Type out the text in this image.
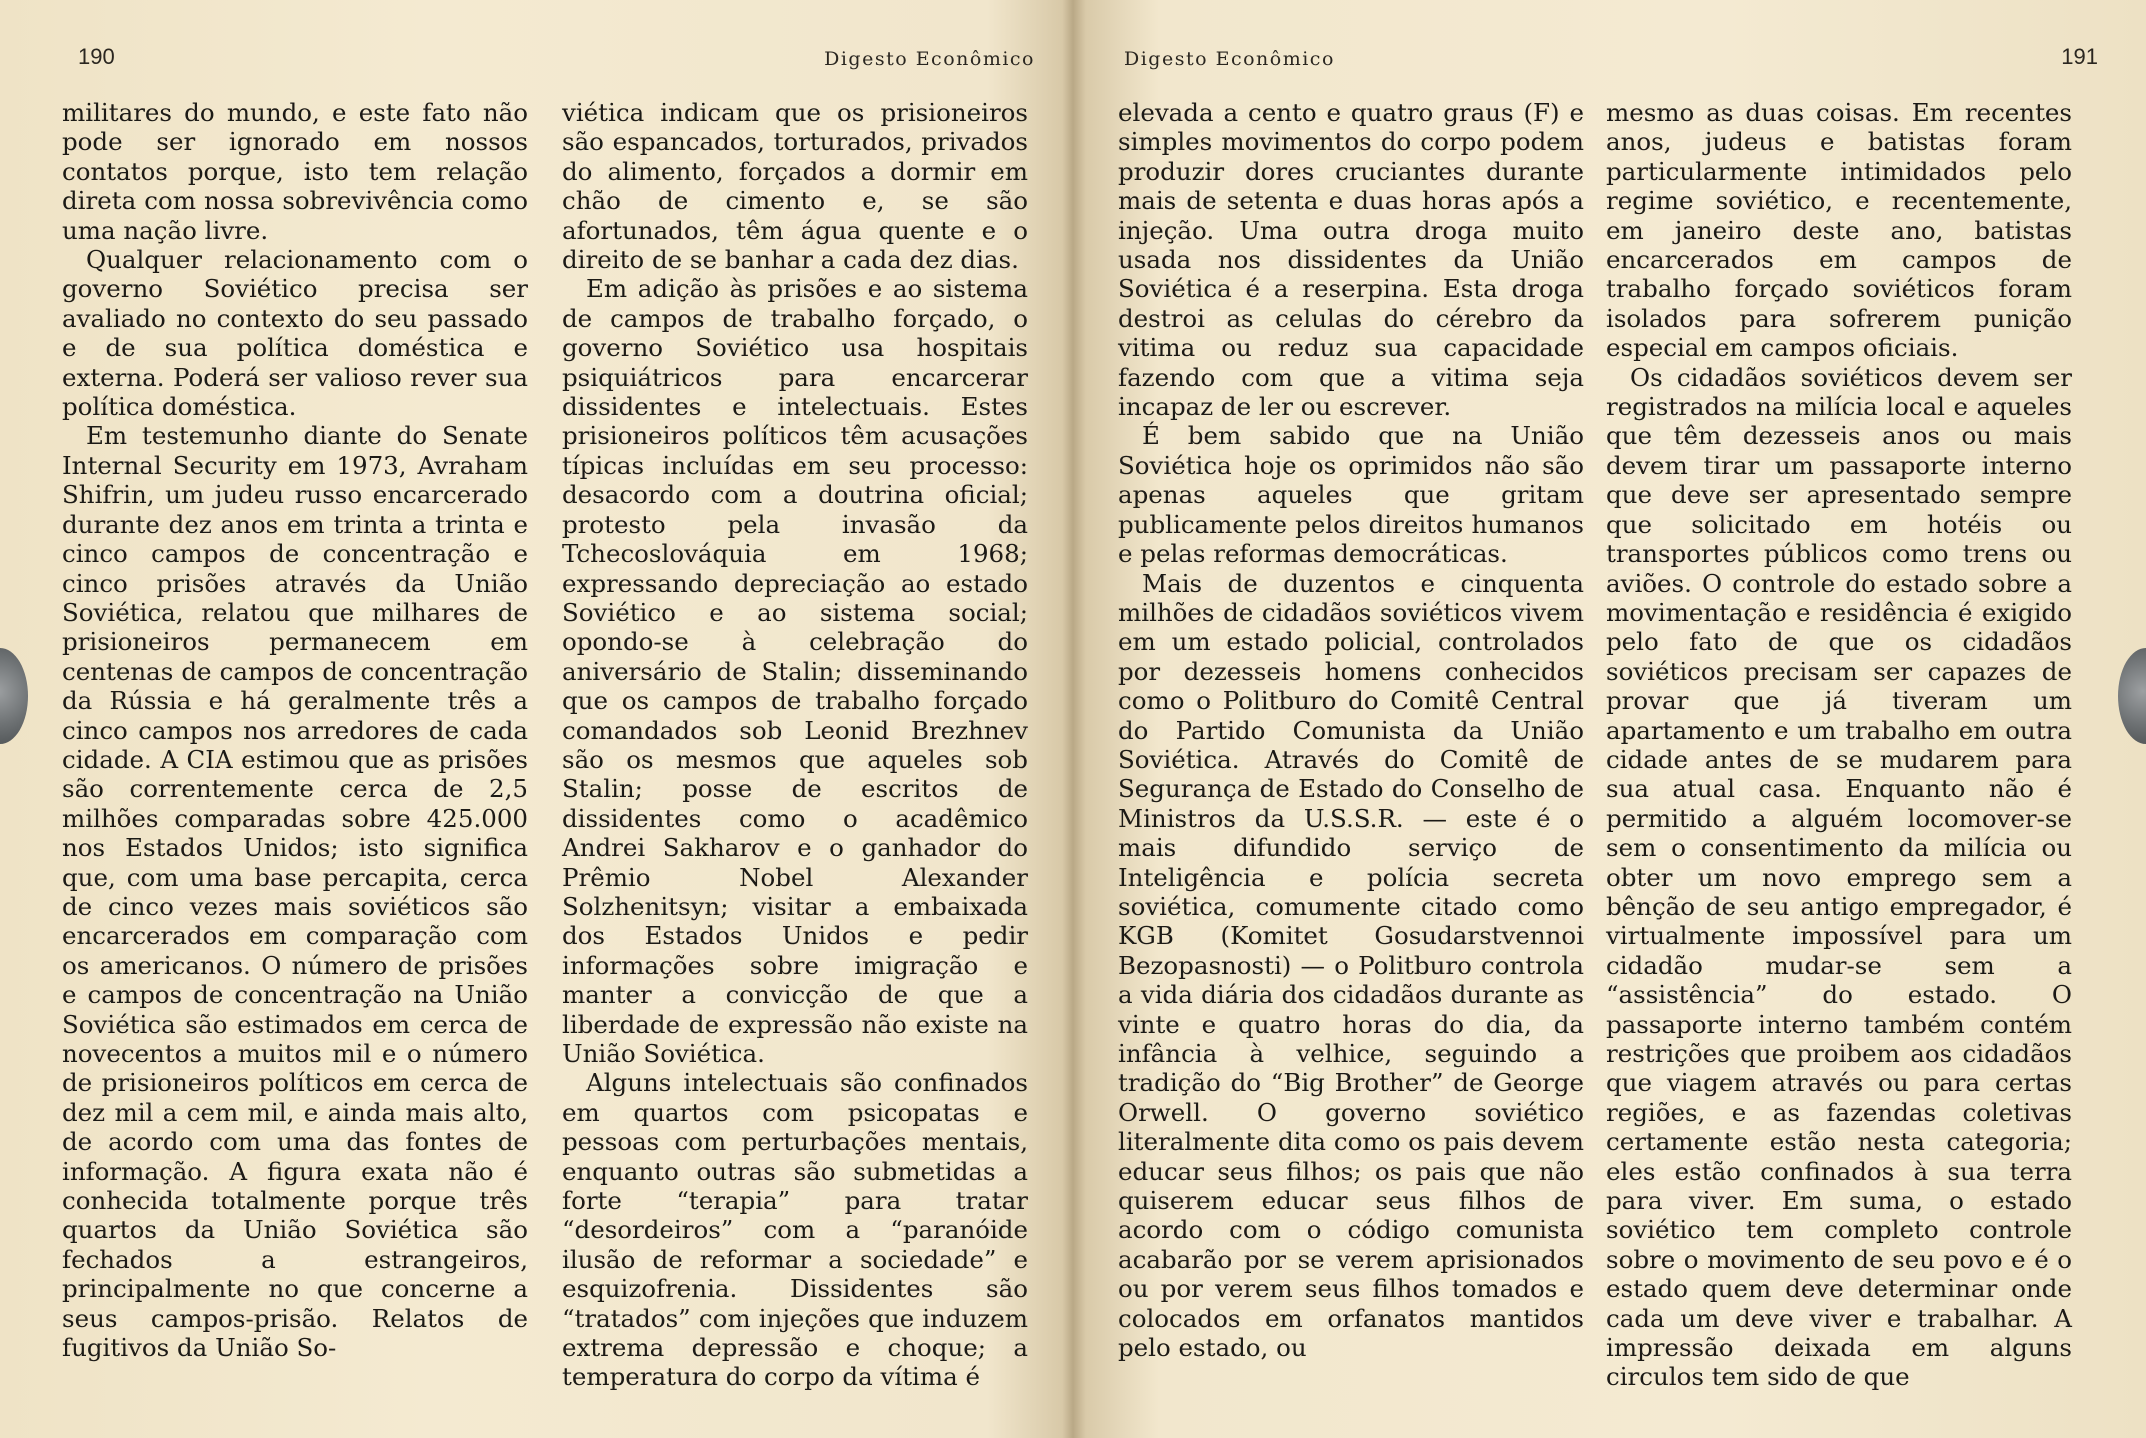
190	Digesto Econômico

militares do mundo, e este fato não pode ser ignorado em nossos contatos porque, isto tem relação direta com nossa sobrevivência como uma nação livre.

Qualquer relacionamento com o governo Soviético precisa ser avaliado no contexto do seu passado e de sua política doméstica e externa. Poderá ser valioso rever sua política doméstica.

Em testemunho diante do Senate Internal Security em 1973, Avraham Shifrin, um judeu russo encarcerado durante dez anos em trinta a trinta e cinco campos de concentração e cinco prisões através da União Soviética, relatou que milhares de prisioneiros permanecem em centenas de campos de concentração da Rússia e há geralmente três a cinco campos nos arredores de cada cidade. A CIA estimou que as prisões são correntemente cerca de 2,5 milhões comparadas sobre 425.000 nos Estados Unidos; isto significa que, com uma base percapita, cerca de cinco vezes mais soviéticos são encarcerados em comparação com os americanos. O número de prisões e campos de concentração na União Soviética são estimados em cerca de novecentos a muitos mil e o número de prisioneiros políticos em cerca de dez mil a cem mil, e ainda mais alto, de acordo com uma das fontes de informação. A figura exata não é conhecida totalmente porque três quartos da União Soviética são fechados a estrangeiros, principalmente no que concerne a seus campos-prisão. Relatos de fugitivos da União So-

viética indicam que os prisioneiros são espancados, torturados, privados do alimento, forçados a dormir em chão de cimento e, se são afortunados, têm água quente e o direito de se banhar a cada dez dias.

Em adição às prisões e ao sistema de campos de trabalho forçado, o governo Soviético usa hospitais psiquiátricos para encarcerar dissidentes e intelectuais. Estes prisioneiros políticos têm acusações típicas incluídas em seu processo: desacordo com a doutrina oficial; protesto pela invasão da Tchecoslováquia em 1968; expressando depreciação ao estado Soviético e ao sistema social; opondo-se à celebração do aniversário de Stalin; disseminando que os campos de trabalho forçado comandados sob Leonid Brezhnev são os mesmos que aqueles sob Stalin; posse de escritos de dissidentes como o acadêmico Andrei Sakharov e o ganhador do Prêmio Nobel Alexander Solzhenitsyn; visitar a embaixada dos Estados Unidos e pedir informações sobre imigração e manter a convicção de que a liberdade de expressão não existe na União Soviética.

Alguns intelectuais são confinados em quartos com psicopatas e pessoas com perturbações mentais, enquanto outras são submetidas a forte “terapia” para tratar “desordeiros” com a “paranóide ilusão de reformar a sociedade” e esquizofrenia. Dissidentes são “tratados” com injeções que induzem extrema depressão e choque; a temperatura do corpo da vítima é

191
Digesto Econômico

elevada a cento e quatro graus (F) e simples movimentos do corpo podem produzir dores cruciantes durante mais de setenta e duas horas após a injeção. Uma outra droga muito usada nos dissidentes da União Soviética é a reserpina. Esta droga destroi as celulas do cérebro da vitima ou reduz sua capacidade fazendo com que a vitima seja incapaz de ler ou escrever.

É bem sabido que na União Soviética hoje os oprimidos não são apenas aqueles que gritam publicamente pelos direitos humanos e pelas reformas democráticas.

Mais de duzentos e cinquenta milhões de cidadãos soviéticos vivem em um estado policial, controlados por dezesseis homens conhecidos como o Politburo do Comitê Central do Partido Comunista da União Soviética. Através do Comitê de Segurança de Estado do Conselho de Ministros da U.S.S.R. — este é o mais difundido serviço de Inteligência e polícia secreta soviética, comumente citado como KGB (Komitet Gosudarstvennoi Bezopasnosti) — o Politburo controla a vida diária dos cidadãos durante as vinte e quatro horas do dia, da infância à velhice, seguindo a tradição do “Big Brother” de George Orwell. O governo soviético literalmente dita como os pais devem educar seus filhos; os pais que não quiserem educar seus filhos de acordo com o código comunista acabarão por se verem aprisionados ou por verem seus filhos tomados e colocados em orfanatos mantidos pelo estado, ou

mesmo as duas coisas. Em recentes anos, judeus e batistas foram particularmente intimidados pelo regime soviético, e recentemente, em janeiro deste ano, batistas encarcerados em campos de trabalho forçado soviéticos foram isolados para sofrerem punição especial em campos oficiais.

Os cidadãos soviéticos devem ser registrados na milícia local e aqueles que têm dezesseis anos ou mais devem tirar um passaporte interno que deve ser apresentado sempre que solicitado em hotéis ou transportes públicos como trens ou aviões. O controle do estado sobre a movimentação e residência é exigido pelo fato de que os cidadãos soviéticos precisam ser capazes de provar que já tiveram um apartamento e um trabalho em outra cidade antes de se mudarem para sua atual casa. Enquanto não é permitido a alguém locomover-se sem o consentimento da milícia ou obter um novo emprego sem a bênção de seu antigo empregador, é virtualmente impossível para um cidadão mudar-se sem a “assistência” do estado. O passaporte interno também contém restrições que proibem aos cidadãos que viagem através ou para certas regiões, e as fazendas coletivas certamente estão nesta categoria; eles estão confinados à sua terra para viver. Em suma, o estado soviético tem completo controle sobre o movimento de seu povo e é o estado quem deve determinar onde cada um deve viver e trabalhar. A impressão deixada em alguns circulos tem sido de que
